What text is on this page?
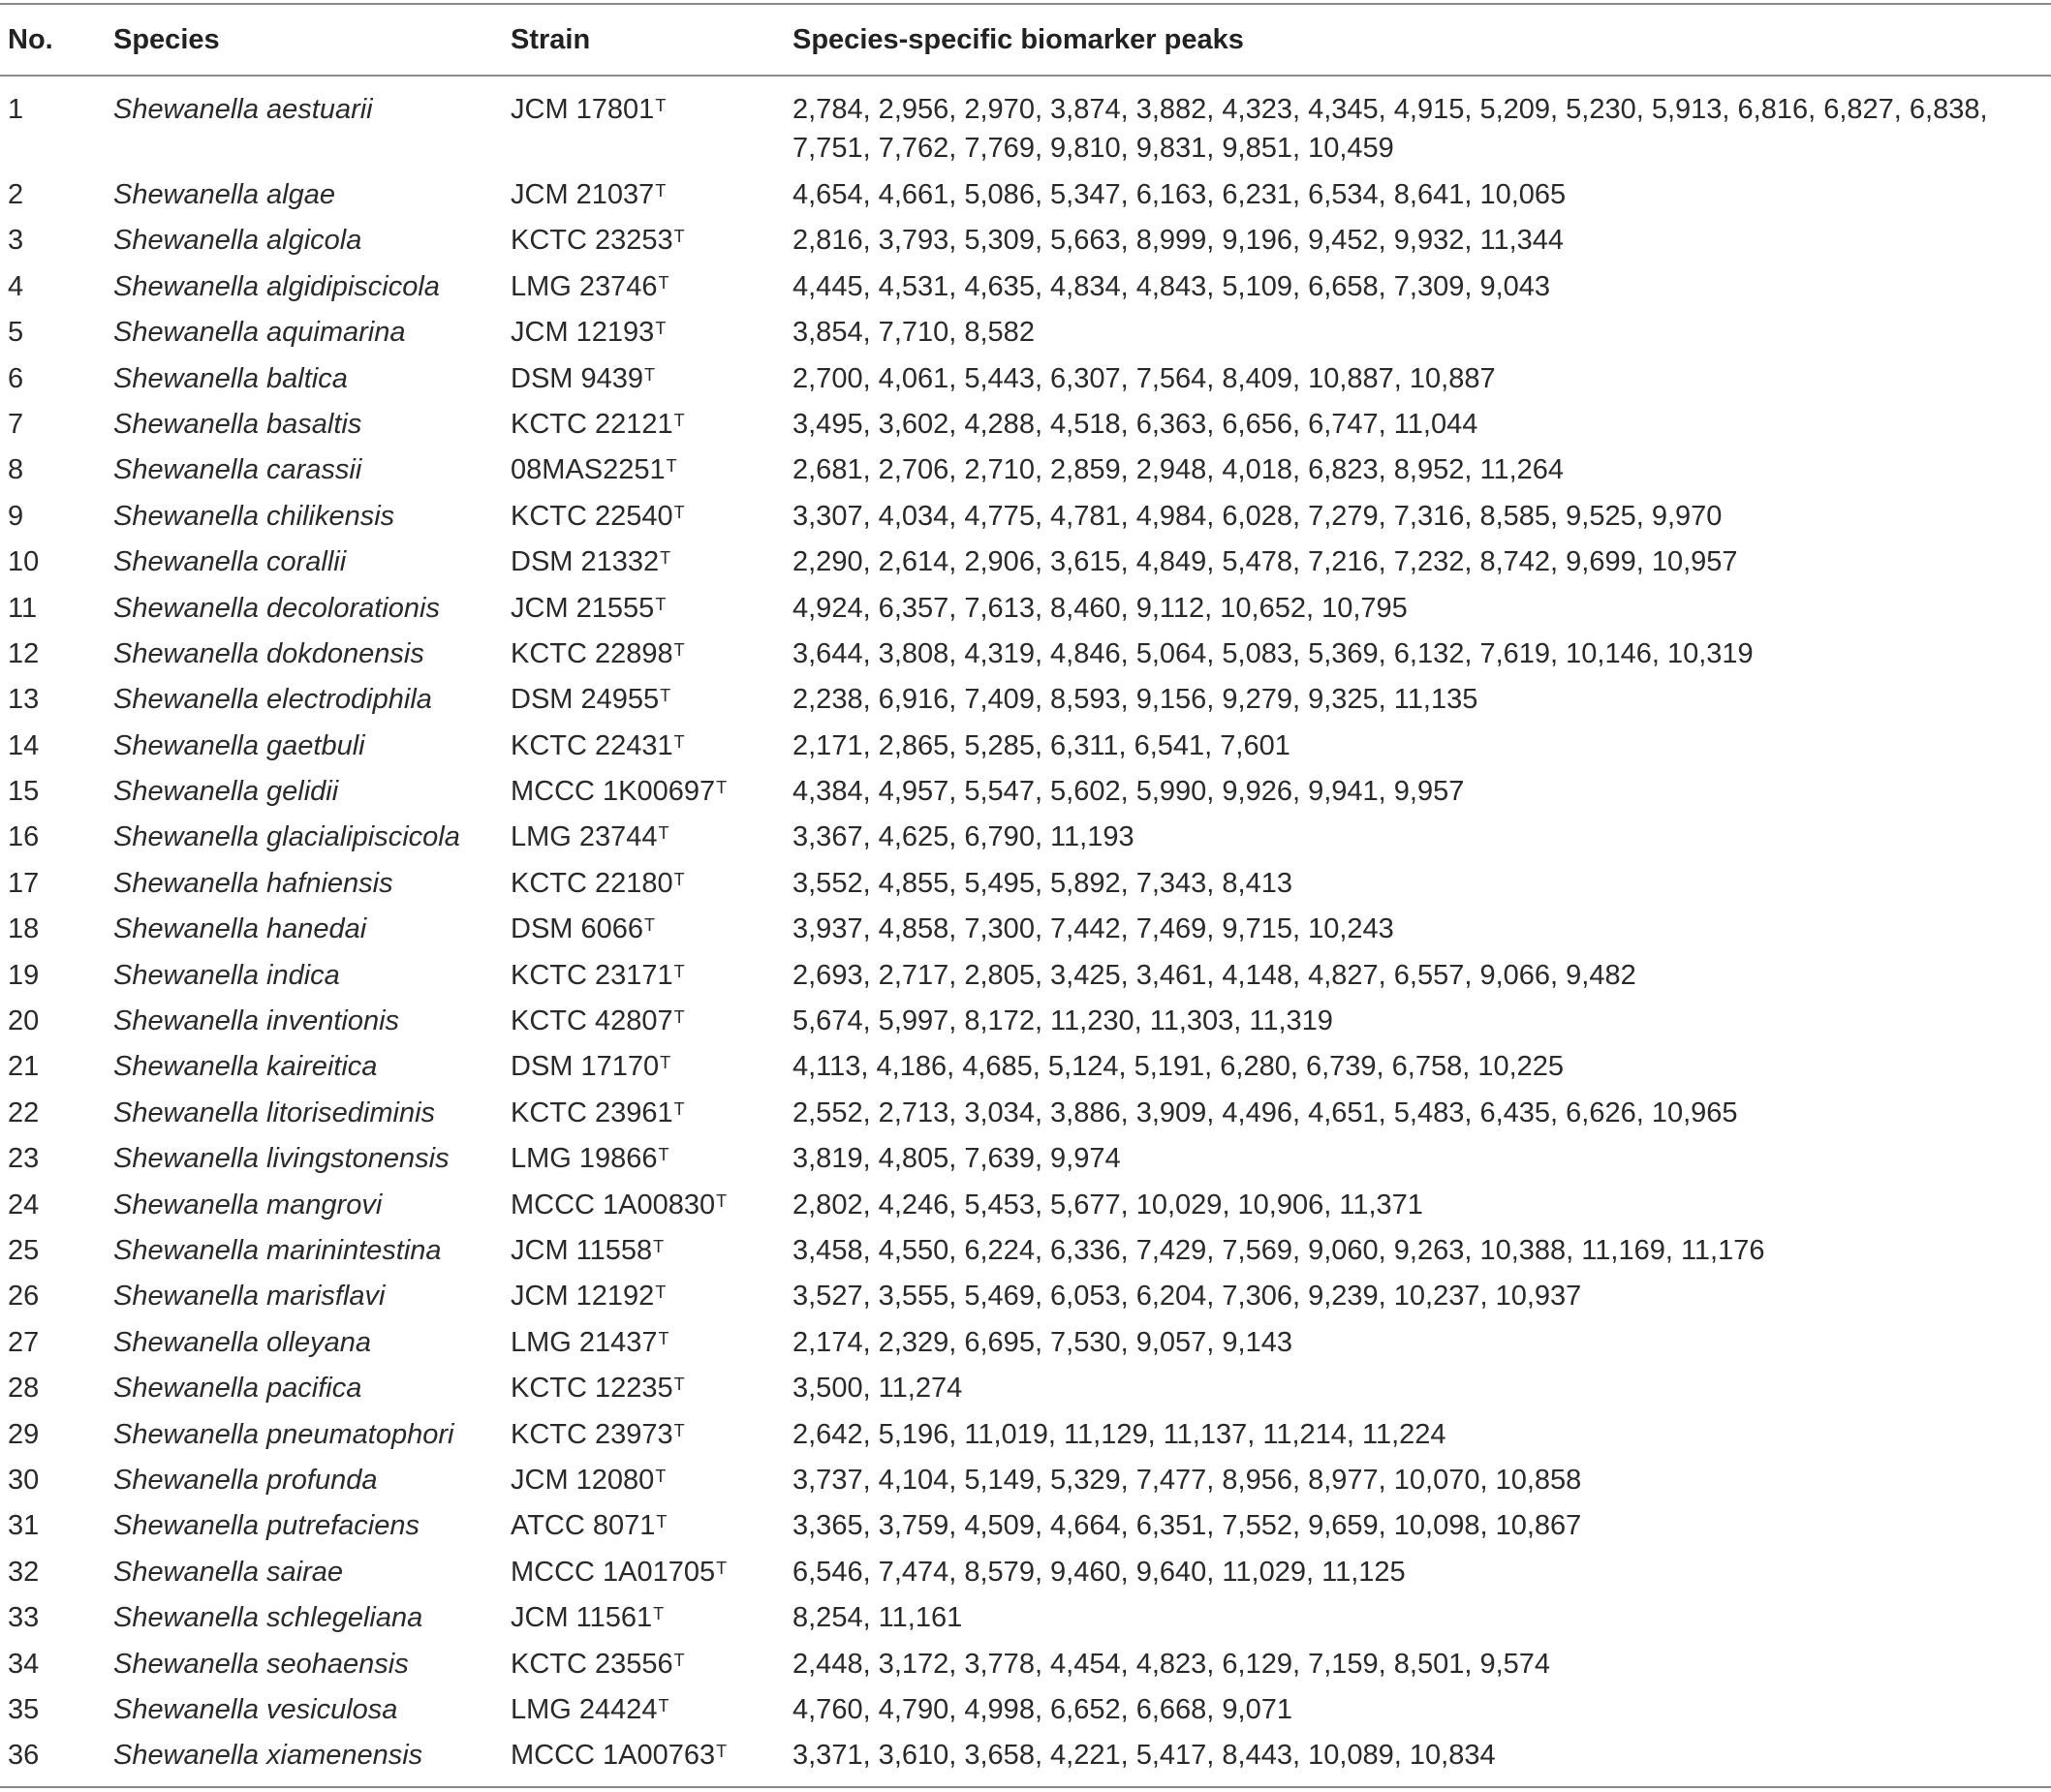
No. Species	Strain	Species-specific biomarker peaks
1	Shewanella aestuarii	JCM $17801^T$	2,784, 2,956, 2,970, 3,874, 3,882, 4,323, 4,345, 4,915, 5,209, 5,230, 5,913, 6,816, 6,827, 6,838, 7,751, 7,762, 7,769, 9,810, 9,831, 9,851, 10,459
2	Shewanella algae	JCM $21037^T$	4,654, 4,661, 5,086, 5,347, 6,163, 6,231, 6,534, 8,641, 10,065
3	Shewanella algicola	KCTC $23253^T$	2,816, 3,793, 5,309, 5,663, 8,999, 9,196, 9,452, 9,932, 11,344
4	Shewanella algidipiscicola	LMG $23746^T$	4,445, 4,531, 4,635, 4,834, 4,843, 5,109, 6,658, 7,309, 9,043
5	Shewanella aquimarina	JCM $12193^T$	3,854, 7,710, 8,582
6	Shewanella baltica	DSM $9439^T$	2,700, 4,061, 5,443, 6,307, 7,564, 8,409, 10,887, 10,887
7	Shewanella basaltis	KCTC $22121^T$	3,495, 3,602, 4,288, 4,518, 6,363, 6,656, 6,747, 11,044
8	Shewanella carassii	$08MAS2251^T$	2,681, 2,706, 2,710, 2,859, 2,948, 4,018, 6,823, 8,952, 11,264
9	Shewanella chilikensis	KCTC $22540^T$	3,307, 4,034, 4,775, 4,781, 4,984, 6,028, 7,279, 7,316, 8,585, 9,525, 9,970
10	Shewanella corallii	DSM $21332^T$	2,290, 2,614, 2,906, 3,615, 4,849, 5,478, 7,216, 7,232, 8,742, 9,699, 10,957
11	Shewanella decolorationis	JCM $21555^T$	4,924, 6,357, 7,613, 8,460, 9,112, 10,652, 10,795
12	Shewanella dokdonensis	KCTC $22898^T$	3,644, 3,808, 4,319, 4,846, 5,064, 5,083, 5,369, 6,132, 7,619, 10,146, 10,319
13	Shewanella electrodiphila	DSM $24955^T$	2,238, 6,916, 7,409, 8,593, 9,156, 9,279, 9,325, 11,135
14	Shewanella gaetbuli	KCTC $22431^T$	2,171, 2,865, 5,285, 6,311, 6,541, 7,601
15	Shewanella gelidii	MCCC $1K00697^T$ 4,384, 4,957, 5,547, 5,602, 5,990, 9,926, 9,941, 9,957
16	Shewanella glacialipiscicola LMG $23744^T$	3,367, 4,625, 6,790, 11,193
17	Shewanella hafniensis	KCTC $22180^T$	3,552, 4,855, 5,495, 5,892, 7,343, 8,413
18	Shewanella hanedai	DSM $6066^T$	3,937, 4,858, 7,300, 7,442, 7,469, 9,715, 10,243
19	Shewanella indica	KCTC $23171^T$	2,693, 2,717, 2,805, 3,425, 3,461, 4,148, 4,827, 6,557, 9,066, 9,482
20	Shewanella inventionis	KCTC $42807^T$	5,674, 5,997, 8,172, 11,230, 11,303, 11,319
21	Shewanella kaireitica	DSM $17170^T$	4,113, 4,186, 4,685, 5,124, 5,191, 6,280, 6,739, 6,758, 10,225
22	Shewanella litorisediminis	KCTC $23961^T$	2,552, 2,713, 3,034, 3,886, 3,909, 4,496, 4,651, 5,483, 6,435, 6,626, 10,965
23	Shewanella livingstonensis LMG $19866^T$	3,819, 4,805, 7,639, 9,974
24	Shewanella mangrovi	MCCC $1A00830^T$ 2,802, 4,246, 5,453, 5,677, 10,029, 10,906, 11,371
25	Shewanella marinintestina JCM $11558^T$	3,458, 4,550, 6,224, 6,336, 7,429, 7,569, 9,060, 9,263, 10,388, 11,169, 11,176
26	Shewanella marisflavi	JCM $12192^T$	3,527, 3,555, 5,469, 6,053, 6,204, 7,306, 9,239, 10,237, 10,937
27	Shewanella olleyana	LMG $21437^T$	2,174, 2,329, 6,695, 7,530, 9,057, 9,143
28	Shewanella pacifica	KCTC $12235^T$	3,500, 11,274
29	Shewanella pneumatophori KCTC $23973^T$	2,642, 5,196, 11,019, 11,129, 11,137, 11,214, 11,224
30	Shewanella profunda	JCM $12080^T$	3,737, 4,104, 5,149, 5,329, 7,477, 8,956, 8,977, 10,070, 10,858
31	Shewanella putrefaciens	ATCC $8071^T$	3,365, 3,759, 4,509, 4,664, 6,351, 7,552, 9,659, 10,098, 10,867
32	Shewanella sairae	MCCC $1A01705^T$ 6,546, 7,474, 8,579, 9,460, 9,640, 11,029, 11,125
33	Shewanella schlegeliana	JCM $11561^T$	8,254, 11,161
34	Shewanella seohaensis	KCTC $23556^T$	2,448, 3,172, 3,778, 4,454, 4,823, 6,129, 7,159, 8,501, 9,574
35	Shewanella vesiculosa	LMG $24424^T$	4,760, 4,790, 4,998, 6,652, 6,668, 9,071
36	Shewanella xiamenensis	MCCC $1A00763^T$ 3,371, 3,610, 3,658, 4,221, 5,417, 8,443, 10,089, 10,834
